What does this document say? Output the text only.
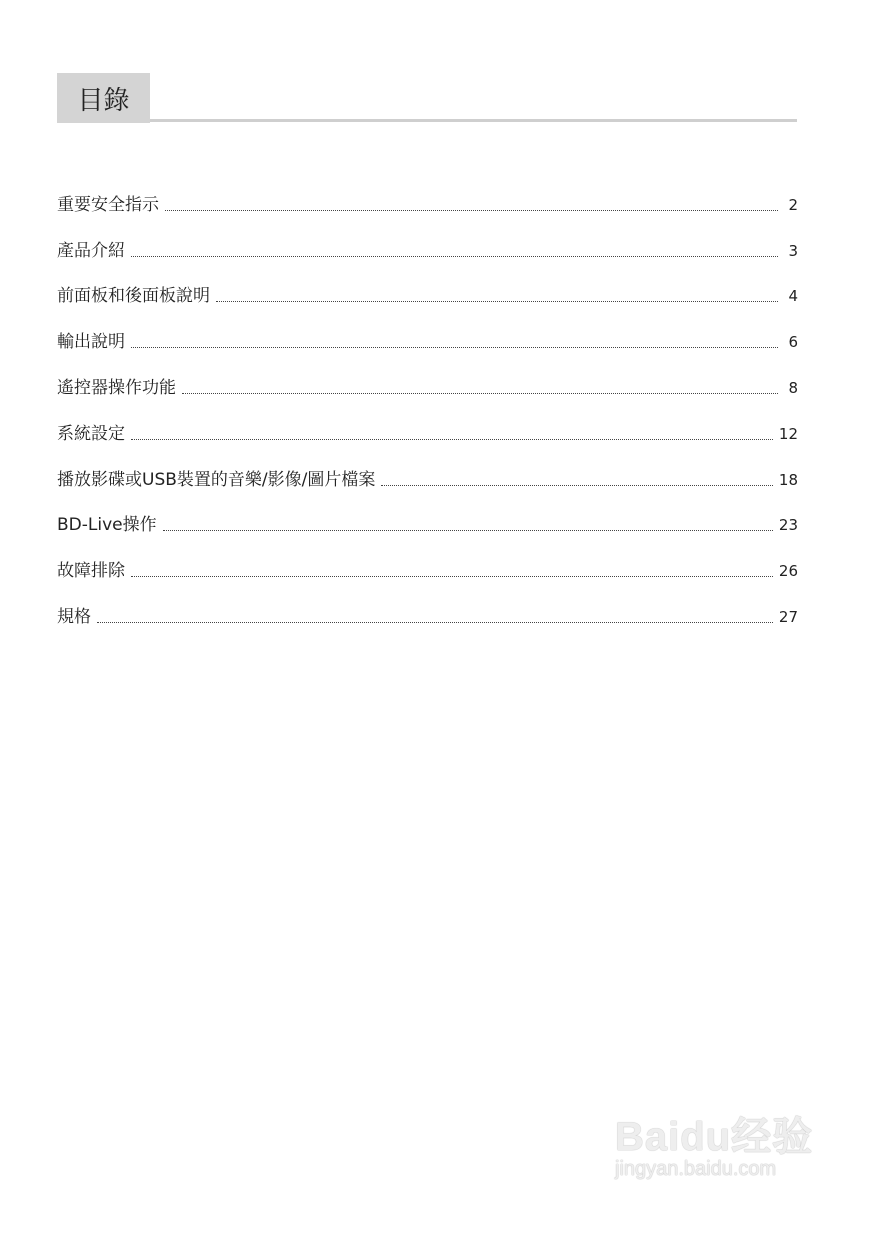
目錄
重要安全指示	2
產品介紹	3
前面板和後面板說明	4
輸出說明	6
遙控器操作功能	8
系統設定	12
播放影碟或USB裝置的音樂/影像/圖片檔案	18
BD-Live操作	23
故障排除	26
規格	27
Baidu经验
jingyan.baidu.com
